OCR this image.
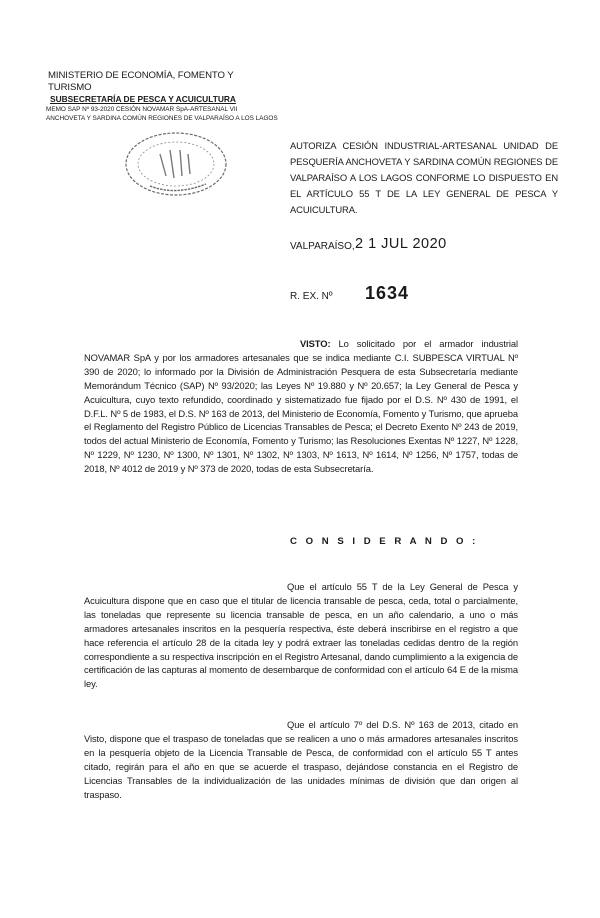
MINISTERIO DE ECONOMÍA, FOMENTO Y TURISMO
SUBSECRETARÍA DE PESCA Y ACUICULTURA
MEMO SAP Nº 93-2020 CESIÓN NOVAMAR SpA-ARTESANAL VII
ANCHOVETA Y SARDINA COMÚN REGIONES DE VALPARAÍSO A LOS LAGOS
AUTORIZA CESIÓN INDUSTRIAL-ARTESANAL UNIDAD DE PESQUERÍA ANCHOVETA Y SARDINA COMÚN REGIONES DE VALPARAÍSO A LOS LAGOS CONFORME LO DISPUESTO EN EL ARTÍCULO 55 T DE LA LEY GENERAL DE PESCA Y ACUICULTURA.
VALPARAÍSO, 2 1 JUL 2020
R. EX. Nº 1634
VISTO: Lo solicitado por el armador industrial NOVAMAR SpA y por los armadores artesanales que se indica mediante C.I. SUBPESCA VIRTUAL Nº 390 de 2020; lo informado por la División de Administración Pesquera de esta Subsecretaría mediante Memorándum Técnico (SAP) Nº 93/2020; las Leyes Nº 19.880 y Nº 20.657; la Ley General de Pesca y Acuicultura, cuyo texto refundido, coordinado y sistematizado fue fijado por el D.S. Nº 430 de 1991, el D.F.L. Nº 5 de 1983, el D.S. Nº 163 de 2013, del Ministerio de Economía, Fomento y Turismo, que aprueba el Reglamento del Registro Público de Licencias Transables de Pesca; el Decreto Exento Nº 243 de 2019, todos del actual Ministerio de Economía, Fomento y Turismo; las Resoluciones Exentas Nº 1227, Nº 1228, Nº 1229, Nº 1230, Nº 1300, Nº 1301, Nº 1302, Nº 1303, Nº 1613, Nº 1614, Nº 1256, Nº 1757, todas de 2018, Nº 4012 de 2019 y Nº 373 de 2020, todas de esta Subsecretaría.
C O N S I D E R A N D O :
Que el artículo 55 T de la Ley General de Pesca y Acuicultura dispone que en caso que el titular de licencia transable de pesca, ceda, total o parcialmente, las toneladas que represente su licencia transable de pesca, en un año calendario, a uno o más armadores artesanales inscritos en la pesquería respectiva, éste deberá inscribirse en el registro a que hace referencia el artículo 28 de la citada ley y podrá extraer las toneladas cedidas dentro de la región correspondiente a su respectiva inscripción en el Registro Artesanal, dando cumplimiento a la exigencia de certificación de las capturas al momento de desembarque de conformidad con el artículo 64 E de la misma ley.
Que el artículo 7º del D.S. Nº 163 de 2013, citado en Visto, dispone que el traspaso de toneladas que se realicen a uno o más armadores artesanales inscritos en la pesquería objeto de la Licencia Transable de Pesca, de conformidad con el artículo 55 T antes citado, regirán para el año en que se acuerde el traspaso, dejándose constancia en el Registro de Licencias Transables de la individualización de las unidades mínimas de división que dan origen al traspaso.
